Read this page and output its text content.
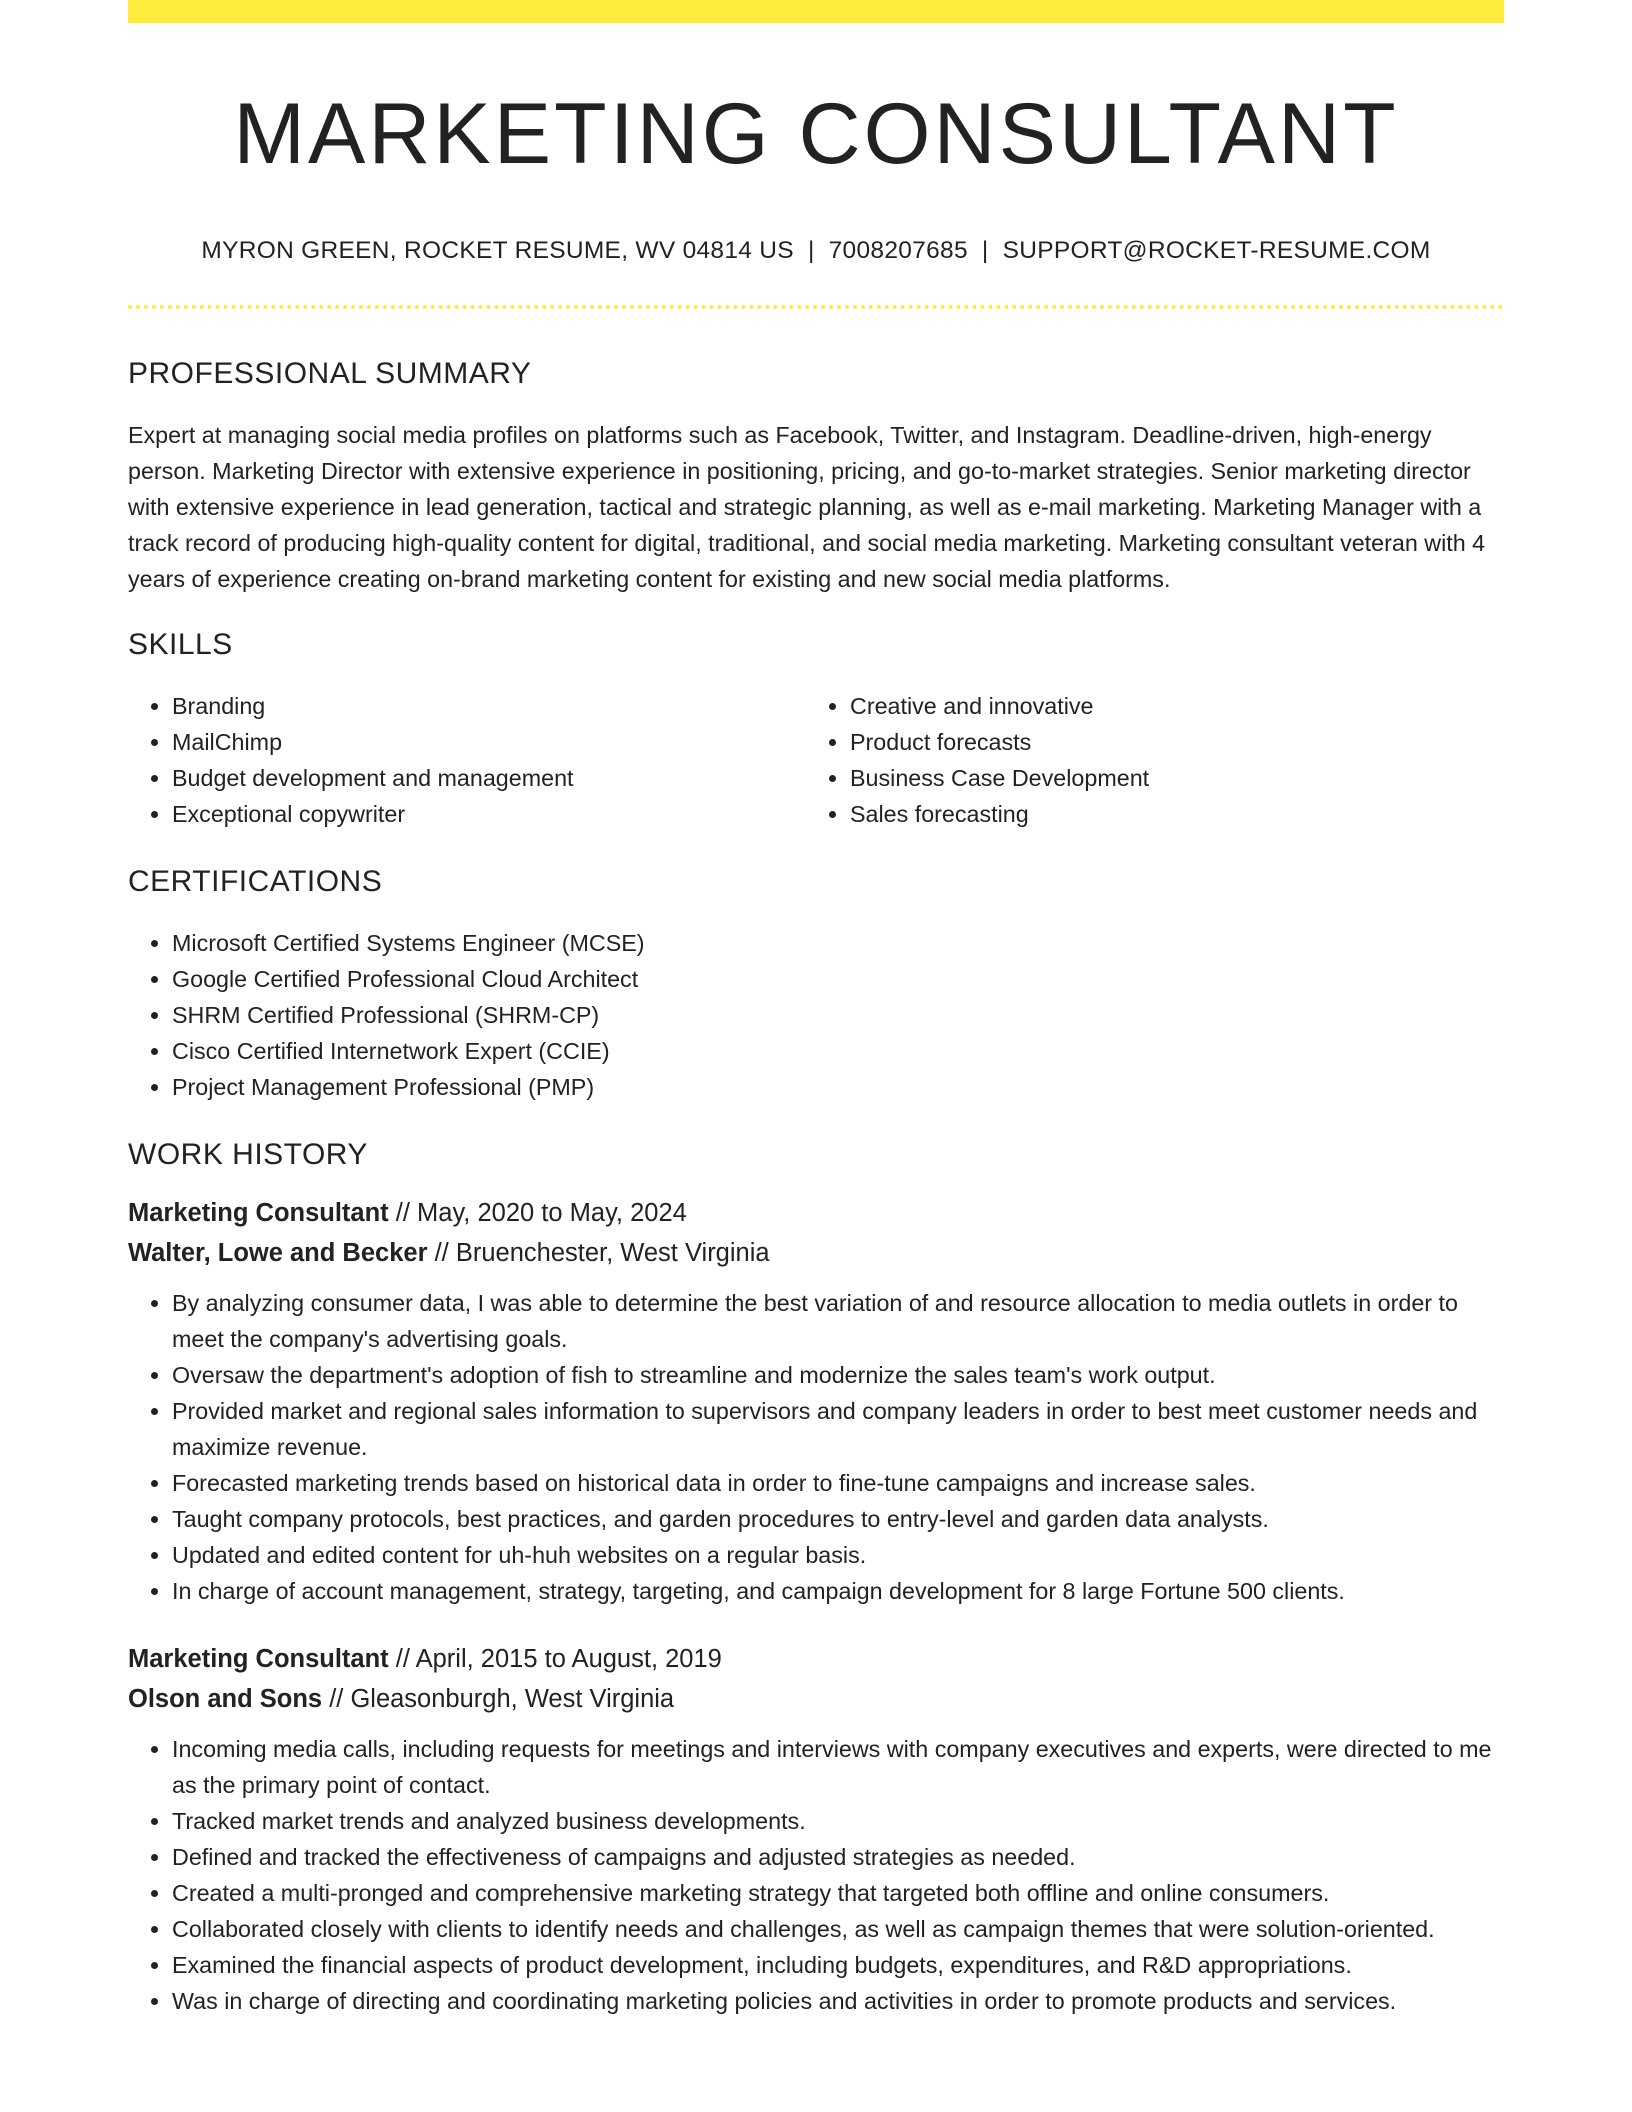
MARKETING CONSULTANT
MYRON GREEN, ROCKET RESUME, WV 04814 US | 7008207685 | SUPPORT@ROCKET-RESUME.COM
PROFESSIONAL SUMMARY

Expert at managing social media profiles on platforms such as Facebook, Twitter, and Instagram. Deadline-driven, high-energy person. Marketing Director with extensive experience in positioning, pricing, and go-to-market strategies. Senior marketing director with extensive experience in lead generation, tactical and strategic planning, as well as e-mail marketing. Marketing Manager with a track record of producing high-quality content for digital, traditional, and social media marketing. Marketing consultant veteran with 4 years of experience creating on-brand marketing content for existing and new social media platforms.

SKILLS
• Branding
• MailChimp
• Budget development and management
• Exceptional copywriter
• Creative and innovative
• Product forecasts
• Business Case Development
• Sales forecasting
CERTIFICATIONS
• Microsoft Certified Systems Engineer (MCSE)
• Google Certified Professional Cloud Architect
• SHRM Certified Professional (SHRM-CP)
• Cisco Certified Internetwork Expert (CCIE)
• Project Management Professional (PMP)
WORK HISTORY
Marketing Consultant // May, 2020 to May, 2024
Walter, Lowe and Becker // Bruenchester, West Virginia
• By analyzing consumer data, I was able to determine the best variation of and resource allocation to media outlets in order to meet the company's advertising goals.
• Oversaw the department's adoption of fish to streamline and modernize the sales team's work output.
• Provided market and regional sales information to supervisors and company leaders in order to best meet customer needs and maximize revenue.
• Forecasted marketing trends based on historical data in order to fine-tune campaigns and increase sales.
• Taught company protocols, best practices, and garden procedures to entry-level and garden data analysts.
• Updated and edited content for uh-huh websites on a regular basis.
• In charge of account management, strategy, targeting, and campaign development for 8 large Fortune 500 clients.
Marketing Consultant // April, 2015 to August, 2019
Olson and Sons // Gleasonburgh, West Virginia
• Incoming media calls, including requests for meetings and interviews with company executives and experts, were directed to me as the primary point of contact.
• Tracked market trends and analyzed business developments.
• Defined and tracked the effectiveness of campaigns and adjusted strategies as needed.
• Created a multi-pronged and comprehensive marketing strategy that targeted both offline and online consumers.
• Collaborated closely with clients to identify needs and challenges, as well as campaign themes that were solution-oriented.
• Examined the financial aspects of product development, including budgets, expenditures, and R&D appropriations.
• Was in charge of directing and coordinating marketing policies and activities in order to promote products and services.
